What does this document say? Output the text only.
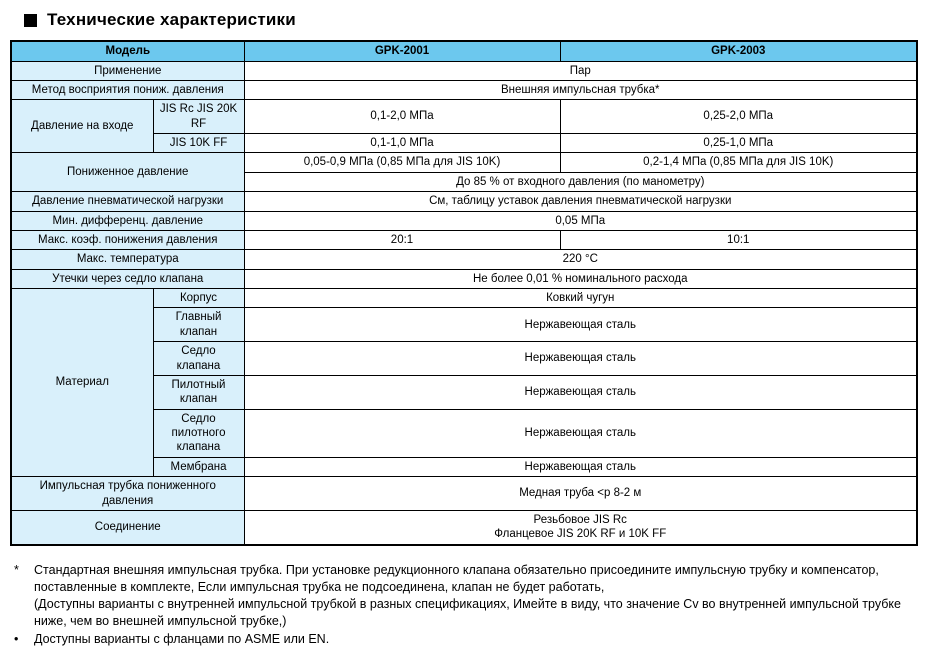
Технические характеристики
Модель		GPK-2001	GPK-2003
Применение		Пар	
Метод восприятия пониж. давления		Внешняя импульсная трубка*	
Давление на входе	JIS Rc JIS 20K RF	0,1-2,0 МПа	0,25-2,0 МПа
	JIS 10K FF	0,1-1,0 МПа	0,25-1,0 МПа
Пониженное давление		0,05-0,9 МПа (0,85 МПа для JIS 10K)	0,2-1,4 МПа (0,85 МПа для JIS 10K)
		До 85 % от входного давления (по манометру)	
Давление пневматической нагрузки		См, таблицу уставок давления пневматической нагрузки	
Мин. дифференц. давление		0,05 МПа	
Макс. коэф. понижения давления		20:1	10:1
Макс. температура		220 °C	
Утечки через седло клапана		Не более 0,01 % номинального расхода	
Материал	Корпус	Ковкий чугун	
	Главный клапан	Нержавеющая сталь	
	Седло клапана	Нержавеющая сталь	
	Пилотный клапан	Нержавеющая сталь	
	Седло пилотного клапана	Нержавеющая сталь	
	Мембрана	Нержавеющая сталь	
Импульсная трубка пониженного давления		Медная труба <р 8-2 м	
Соединение		Резьбовое JIS Rc
Фланцевое JIS 20K RF и 10K FF	
*	Стандартная внешняя импульсная трубка. При установке редукционного клапана обязательно присоедините импульсную трубку и компенсатор, поставленные в комплекте, Если импульсная трубка не подсоединена, клапан не будет работать,

(Доступны варианты с внутренней импульсной трубкой в разных спецификациях, Имейте в виду, что значение Cv во внутренней импульсной трубке ниже, чем во внешней импульсной трубке,)

•	Доступны варианты с фланцами по ASME или EN.
